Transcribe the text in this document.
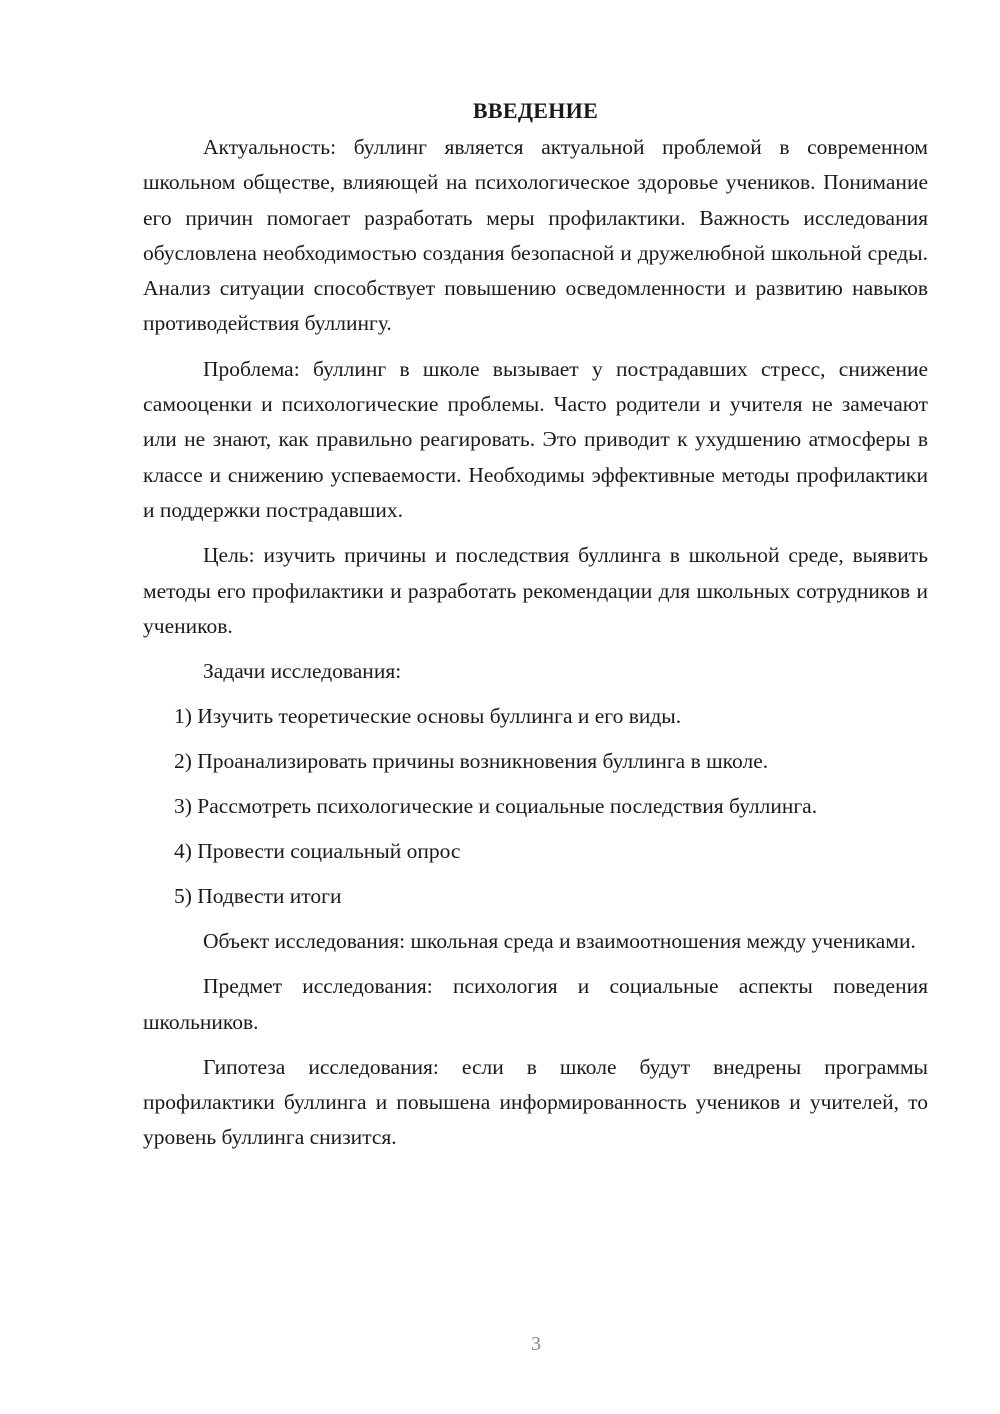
ВВЕДЕНИЕ

Актуальность: буллинг является актуальной проблемой в современном школьном обществе, влияющей на психологическое здоровье учеников. Понимание его причин помогает разработать меры профилактики. Важность исследования обусловлена необходимостью создания безопасной и дружелюбной школьной среды. Анализ ситуации способствует повышению осведомленности и развитию навыков противодействия буллингу.

Проблема: буллинг в школе вызывает у пострадавших стресс, снижение самооценки и психологические проблемы. Часто родители и учителя не замечают или не знают, как правильно реагировать. Это приводит к ухудшению атмосферы в классе и снижению успеваемости. Необходимы эффективные методы профилактики и поддержки пострадавших.

Цель: изучить причины и последствия буллинга в школьной среде, выявить методы его профилактики и разработать рекомендации для школьных сотрудников и учеников.

Задачи исследования:

1) Изучить теоретические основы буллинга и его виды.
2) Проанализировать причины возникновения буллинга в школе.
3) Рассмотреть психологические и социальные последствия буллинга.
4) Провести социальный опрос
5) Подвести итоги

Объект исследования: школьная среда и взаимоотношения между учениками.

Предмет исследования: психология и социальные аспекты поведения школьников.

Гипотеза исследования: если в школе будут внедрены программы профилактики буллинга и повышена информированность учеников и учителей, то уровень буллинга снизится.

3
